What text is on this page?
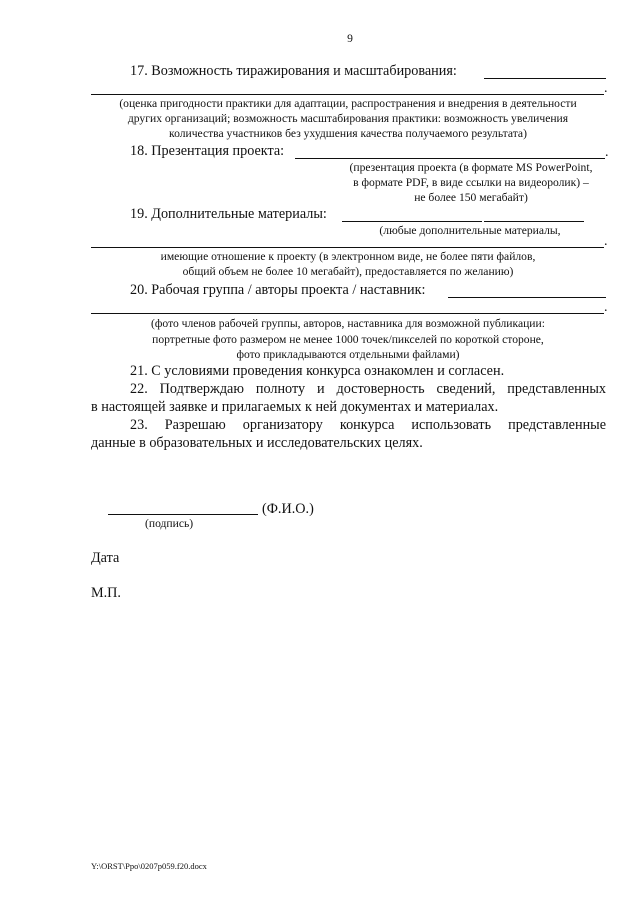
9
17. Возможность тиражирования и масштабирования:
.
(оценка пригодности практики для адаптации, распространения и внедрения в деятельности
других организаций; возможность масштабирования практики: возможность увеличения
количества участников без ухудшения качества получаемого результата)
18. Презентация проекта:	.
(презентация проекта (в формате MS PowerPoint,
в формате PDF, в виде ссылки на видеоролик) –
не более 150 мегабайт)
19. Дополнительные материалы:
(любые дополнительные материалы,
.
имеющие отношение к проекту (в электронном виде, не более пяти файлов,
общий объем не более 10 мегабайт), предоставляется по желанию)
20. Рабочая группа / авторы проекта / наставник:
.
(фото членов рабочей группы, авторов, наставника для возможной публикации:
портретные фото размером не менее 1000 точек/пикселей по короткой стороне,
фото прикладываются отдельными файлами)
21. С условиями проведения конкурса ознакомлен и согласен.
22. Подтверждаю полноту и достоверность сведений, представленных
в настоящей заявке и прилагаемых к ней документах и материалах.
23. Разрешаю организатору конкурса использовать представленные
данные в образовательных и исследовательских целях.
(Ф.И.О.)
(подпись)
Дата
М.П.
Y:\ORST\Ppo\0207p059.f20.docx
